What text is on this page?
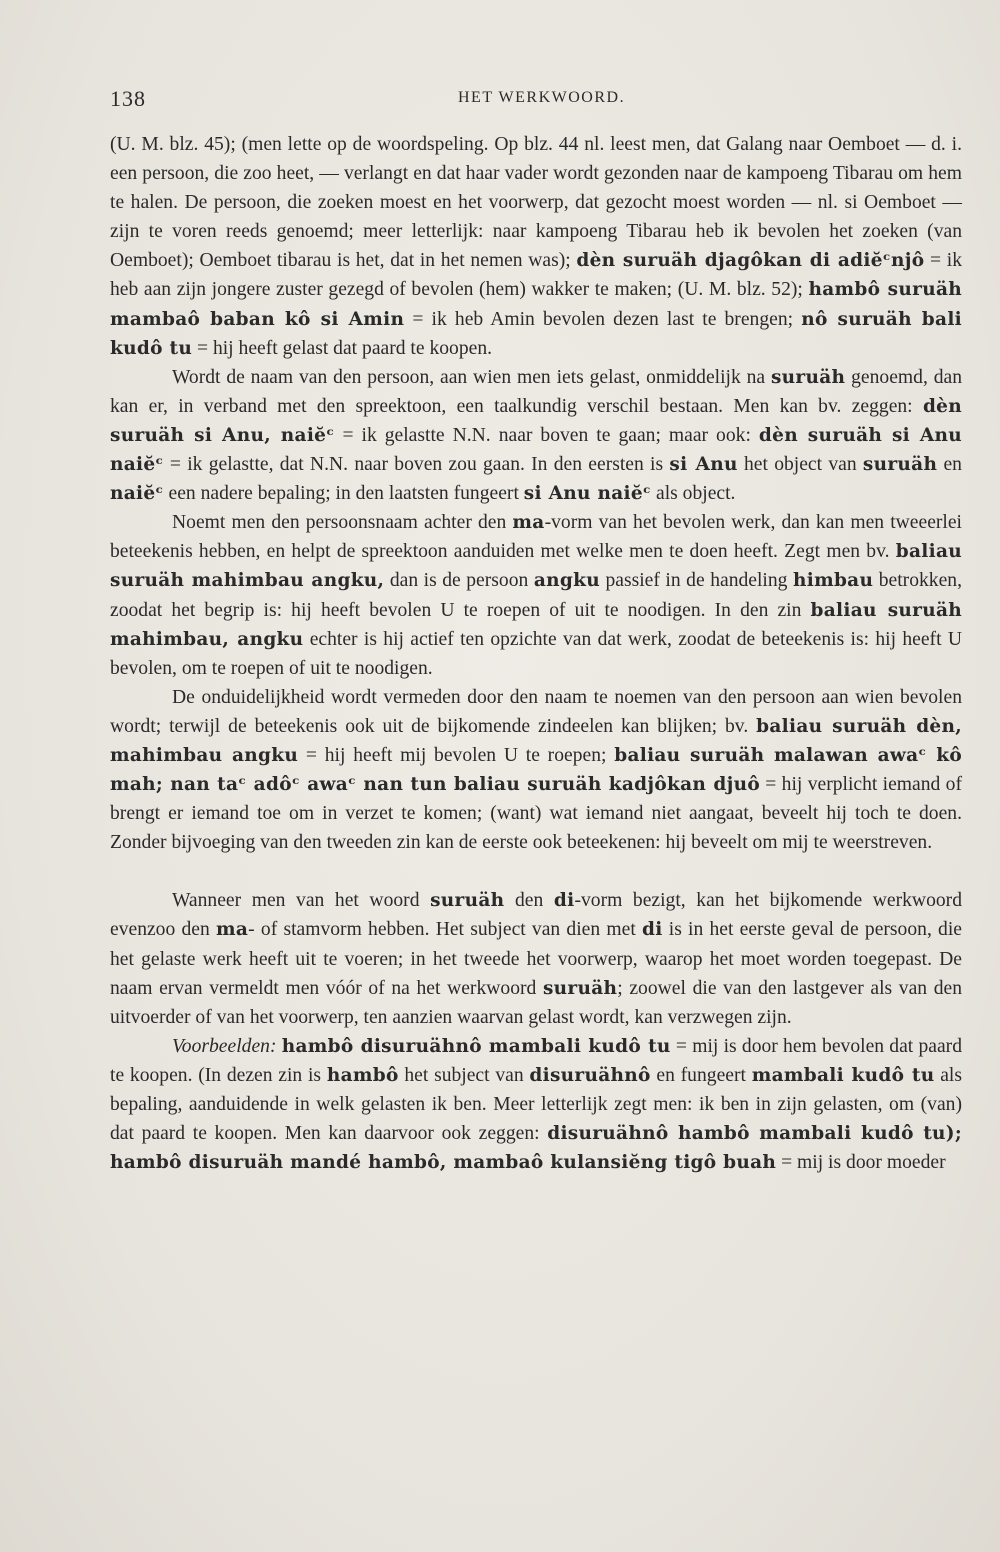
138	HET WERKWOORD.

(U. M. blz. 45); (men lette op de woordspeling. Op blz. 44 nl. leest men, dat Galang naar Oemboet — d. i. een persoon, die zoo heet, — verlangt en dat haar vader wordt gezonden naar de kampoeng Tibarau om hem te halen. De persoon, die zoeken moest en het voorwerp, dat gezocht moest worden — nl. si Oemboet — zijn te voren reeds genoemd; meer letterlijk: naar kampoeng Tibarau heb ik bevolen het zoeken (van Oemboet); Oemboet tibarau is het, dat in het nemen was); dèn suruäh djagôkan di adiĕᶜnjô = ik heb aan zijn jongere zuster gezegd of bevolen (hem) wakker te maken; (U. M. blz. 52); hambô suruäh mambaô baban kô si Amin = ik heb Amin bevolen dezen last te brengen; nô suruäh bali kudô tu = hij heeft gelast dat paard te koopen.

Wordt de naam van den persoon, aan wien men iets gelast, onmiddelijk na suruäh genoemd, dan kan er, in verband met den spreektoon, een taalkundig verschil bestaan. Men kan bv. zeggen: dèn suruäh si Anu, naiĕᶜ = ik gelastte N.N. naar boven te gaan; maar ook: dèn suruäh si Anu naiĕᶜ = ik gelastte, dat N.N. naar boven zou gaan. In den eersten is si Anu het object van suruäh en naiĕᶜ een nadere bepaling; in den laatsten fungeert si Anu naiĕᶜ als object.

Noemt men den persoonsnaam achter den ma-vorm van het bevolen werk, dan kan men tweeerlei beteekenis hebben, en helpt de spreektoon aanduiden met welke men te doen heeft. Zegt men bv. baliau suruäh mahimbau angku, dan is de persoon angku passief in de handeling himbau betrokken, zoodat het begrip is: hij heeft bevolen U te roepen of uit te noodigen. In den zin baliau suruäh mahimbau, angku echter is hij actief ten opzichte van dat werk, zoodat de beteekenis is: hij heeft U bevolen, om te roepen of uit te noodigen.

De onduidelijkheid wordt vermeden door den naam te noemen van den persoon aan wien bevolen wordt; terwijl de beteekenis ook uit de bijkomende zindeelen kan blijken; bv. baliau suruäh dèn, mahimbau angku = hij heeft mij bevolen U te roepen; baliau suruäh malawan awaᶜ kô mah; nan taᶜ adôᶜ awaᶜ nan tun baliau suruäh kadjôkan djuô = hij verplicht iemand of brengt er iemand toe om in verzet te komen; (want) wat iemand niet aangaat, beveelt hij toch te doen. Zonder bijvoeging van den tweeden zin kan de eerste ook beteekenen: hij beveelt om mij te weerstreven.

Wanneer men van het woord suruäh den di-vorm bezigt, kan het bijkomende werkwoord evenzoo den ma- of stamvorm hebben. Het subject van dien met di is in het eerste geval de persoon, die het gelaste werk heeft uit te voeren; in het tweede het voorwerp, waarop het moet worden toegepast. De naam ervan vermeldt men vóór of na het werkwoord suruäh; zoowel die van den lastgever als van den uitvoerder of van het voorwerp, ten aanzien waarvan gelast wordt, kan verzwegen zijn.

Voorbeelden: hambô disuruähnô mambali kudô tu = mij is door hem bevolen dat paard te koopen. (In dezen zin is hambô het subject van disuruähnô en fungeert mambali kudô tu als bepaling, aanduidende in welk gelasten ik ben. Meer letterlijk zegt men: ik ben in zijn gelasten, om (van) dat paard te koopen. Men kan daarvoor ook zeggen: disuruähnô hambô mambali kudô tu); hambô disuruäh mandé hambô, mambaô kulansiĕng tigô buah = mij is door moeder
